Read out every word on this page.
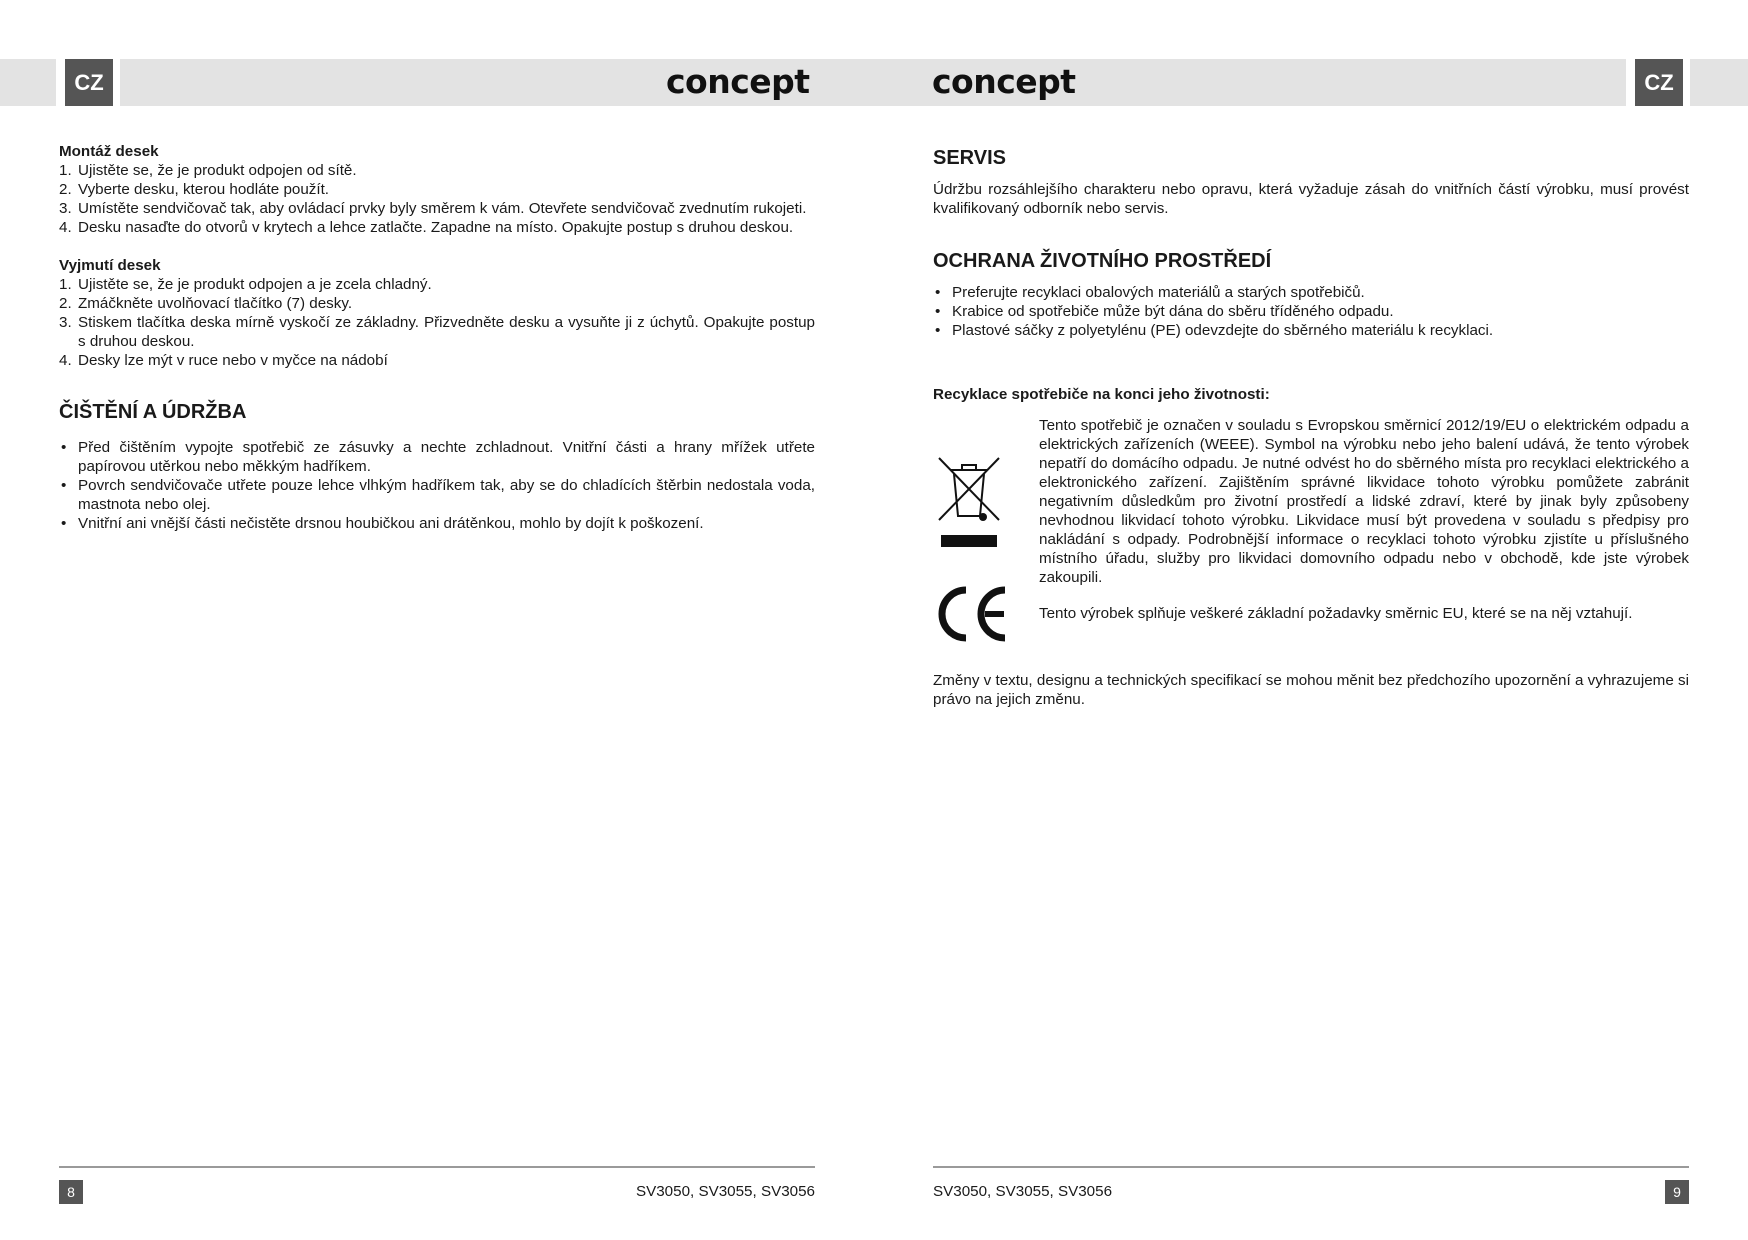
CZ	CZ
concept	concept

Montáž desek

1. Ujistěte se, že je produkt odpojen od sítě.
2. Vyberte desku, kterou hodláte použít.
3. Umístěte sendvičovač tak, aby ovládací prvky byly směrem k vám. Otevřete sendvičovač zvednutím rukojeti.
4. Desku nasaďte do otvorů v krytech a lehce zatlačte. Zapadne na místo. Opakujte postup s druhou deskou.

Vyjmutí desek

1. Ujistěte se, že je produkt odpojen a je zcela chladný.
2. Zmáčkněte uvolňovací tlačítko (7) desky.
3. Stiskem tlačítka deska mírně vyskočí ze základny. Přizvedněte desku a vysuňte ji z úchytů. Opakujte postup s druhou deskou.
4. Desky lze mýt v ruce nebo v myčce na nádobí
ČIŠTĚNÍ A ÚDRŽBA
• Před čištěním vypojte spotřebič ze zásuvky a nechte zchladnout. Vnitřní části a hrany mřížek utřete papírovou utěrkou nebo měkkým hadříkem.
• Povrch sendvičovače utřete pouze lehce vlhkým hadříkem tak, aby se do chladících štěrbin nedostala voda, mastnota nebo olej.
• Vnitřní ani vnější části nečistěte drsnou houbičkou ani drátěnkou, mohlo by dojít k poškození.
SERVIS

Údržbu rozsáhlejšího charakteru nebo opravu, která vyžaduje zásah do vnitřních částí výrobku, musí provést kvalifikovaný odborník nebo servis.

OCHRANA ŽIVOTNÍHO PROSTŘEDÍ
• Preferujte recyklaci obalových materiálů a starých spotřebičů.
• Krabice od spotřebiče může být dána do sběru tříděného odpadu.
• Plastové sáčky z polyetylénu (PE) odevzdejte do sběrného materiálu k recyklaci.

Recyklace spotřebiče na konci jeho životnosti:

Tento spotřebič je označen v souladu s Evropskou směrnicí 2012/19/EU o elektrickém odpadu a elektrických zařízeních (WEEE). Symbol na výrobku nebo jeho balení udává, že tento výrobek nepatří do domácího odpadu. Je nutné odvést ho do sběrného místa pro recyklaci elektrického a elektronického zařízení. Zajištěním správné likvidace tohoto výrobku pomůžete zabránit negativním důsledkům pro životní prostředí a lidské zdraví, které by jinak byly způsobeny nevhodnou likvidací tohoto výrobku. Likvidace musí být provedena v souladu s předpisy pro nakládání s odpady. Podrobnější informace o recyklaci tohoto výrobku zjistíte u příslušného místního úřadu, služby pro likvidaci domovního odpadu nebo v obchodě, kde jste výrobek zakoupili.

Tento výrobek splňuje veškeré základní požadavky směrnic EU, které se na něj vztahují.

Změny v textu, designu a technických specifikací se mohou měnit bez předchozího upozornění a vyhrazujeme si právo na jejich změnu.

8	SV3050, SV3055, SV3056	SV3050, SV3055, SV3056	9
